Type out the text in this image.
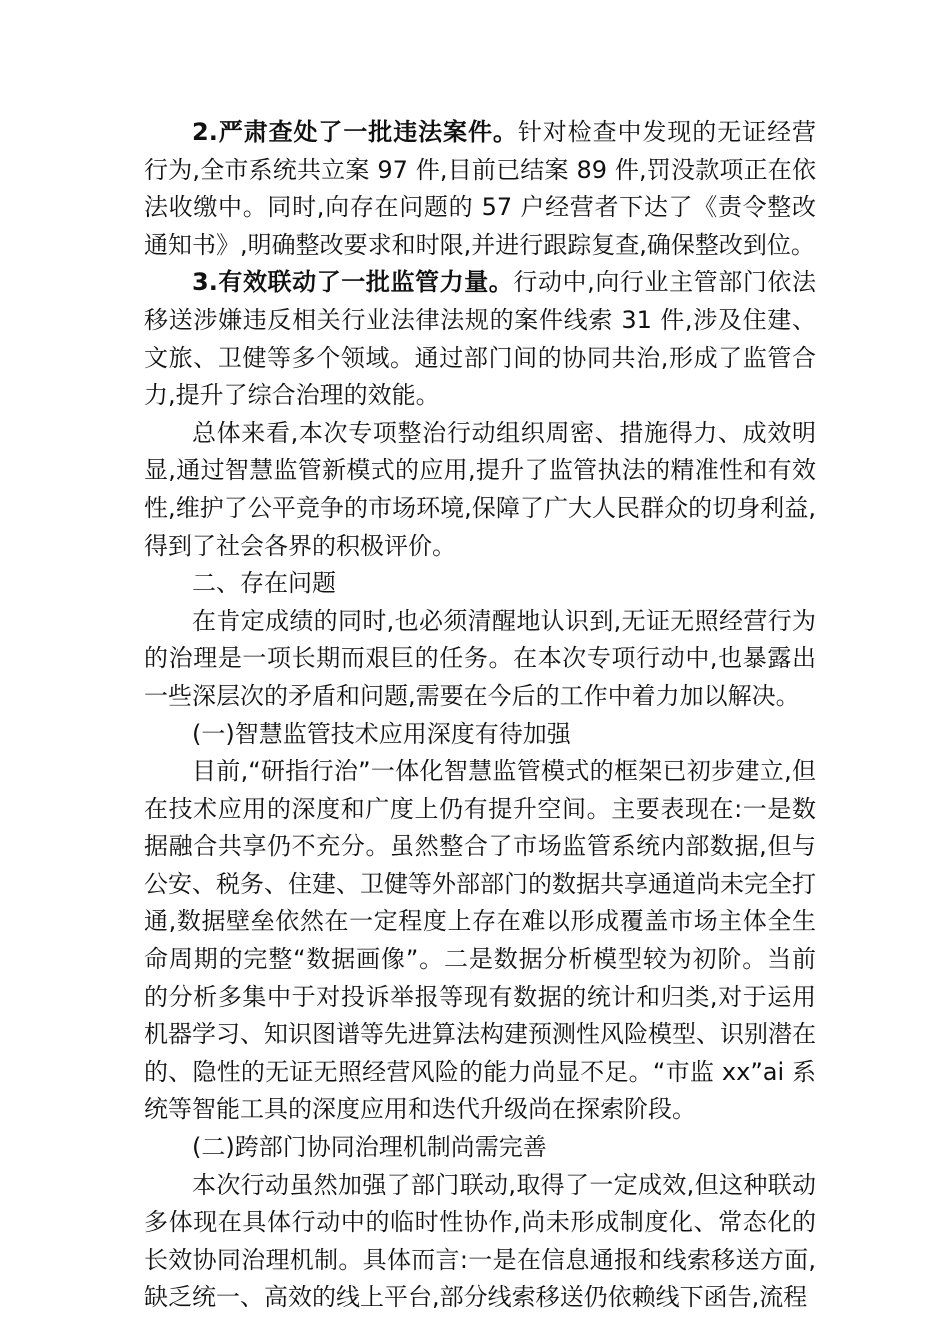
2.严肃查处了一批违法案件。针对检查中发现的无证经营行为,全市系统共立案 97 件,目前已结案 89 件,罚没款项正在依法收缴中。同时,向存在问题的 57 户经营者下达了《责令整改通知书》,明确整改要求和时限,并进行跟踪复查,确保整改到位。

3.有效联动了一批监管力量。行动中,向行业主管部门依法移送涉嫌违反相关行业法律法规的案件线索 31 件,涉及住建、文旅、卫健等多个领域。通过部门间的协同共治,形成了监管合力,提升了综合治理的效能。

总体来看,本次专项整治行动组织周密、措施得力、成效明显,通过智慧监管新模式的应用,提升了监管执法的精准性和有效性,维护了公平竞争的市场环境,保障了广大人民群众的切身利益,得到了社会各界的积极评价。

二、存在问题

在肯定成绩的同时,也必须清醒地认识到,无证无照经营行为的治理是一项长期而艰巨的任务。在本次专项行动中,也暴露出一些深层次的矛盾和问题,需要在今后的工作中着力加以解决。

(一)智慧监管技术应用深度有待加强

目前,“研指行治”一体化智慧监管模式的框架已初步建立,但在技术应用的深度和广度上仍有提升空间。主要表现在:一是数据融合共享仍不充分。虽然整合了市场监管系统内部数据,但与公安、税务、住建、卫健等外部部门的数据共享通道尚未完全打通,数据壁垒依然在一定程度上存在难以形成覆盖市场主体全生命周期的完整“数据画像”。二是数据分析模型较为初阶。当前的分析多集中于对投诉举报等现有数据的统计和归类,对于运用机器学习、知识图谱等先进算法构建预测性风险模型、识别潜在的、隐性的无证无照经营风险的能力尚显不足。“市监 xx”ai 系统等智能工具的深度应用和迭代升级尚在探索阶段。

(二)跨部门协同治理机制尚需完善

本次行动虽然加强了部门联动,取得了一定成效,但这种联动多体现在具体行动中的临时性协作,尚未形成制度化、常态化的长效协同治理机制。具体而言:一是在信息通报和线索移送方面,缺乏统一、高效的线上平台,部分线索移送仍依赖线下函告,流程
